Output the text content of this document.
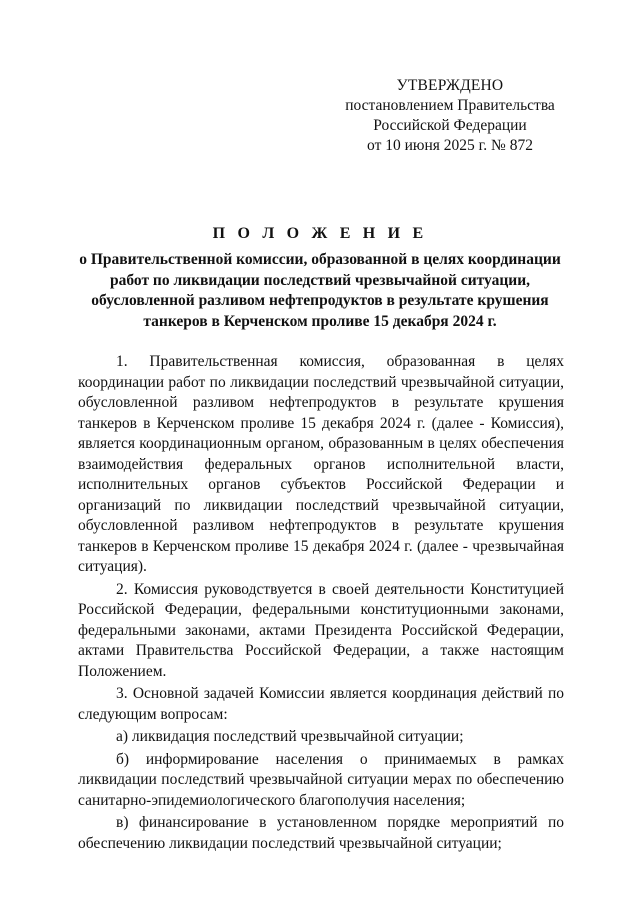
УТВЕРЖДЕНО
постановлением Правительства
Российской Федерации
от 10 июня 2025 г. № 872
П О Л О Ж Е Н И Е
о Правительственной комиссии, образованной в целях координации
работ по ликвидации последствий чрезвычайной ситуации,
обусловленной разливом нефтепродуктов в результате крушения
танкеров в Керченском проливе 15 декабря 2024 г.

1. Правительственная комиссия, образованная в целях координации работ по ликвидации последствий чрезвычайной ситуации, обусловленной разливом нефтепродуктов в результате крушения танкеров в Керченском проливе 15 декабря 2024 г. (далее - Комиссия), является координационным органом, образованным в целях обеспечения взаимодействия федеральных органов исполнительной власти, исполнительных органов субъектов Российской Федерации и организаций по ликвидации последствий чрезвычайной ситуации, обусловленной разливом нефтепродуктов в результате крушения танкеров в Керченском проливе 15 декабря 2024 г. (далее - чрезвычайная ситуация).

2. Комиссия руководствуется в своей деятельности Конституцией Российской Федерации, федеральными конституционными законами, федеральными законами, актами Президента Российской Федерации, актами Правительства Российской Федерации, а также настоящим Положением.

3. Основной задачей Комиссии является координация действий по следующим вопросам:

а) ликвидация последствий чрезвычайной ситуации;

б) информирование населения о принимаемых в рамках ликвидации последствий чрезвычайной ситуации мерах по обеспечению санитарно-эпидемиологического благополучия населения;

в) финансирование в установленном порядке мероприятий по обеспечению ликвидации последствий чрезвычайной ситуации;
